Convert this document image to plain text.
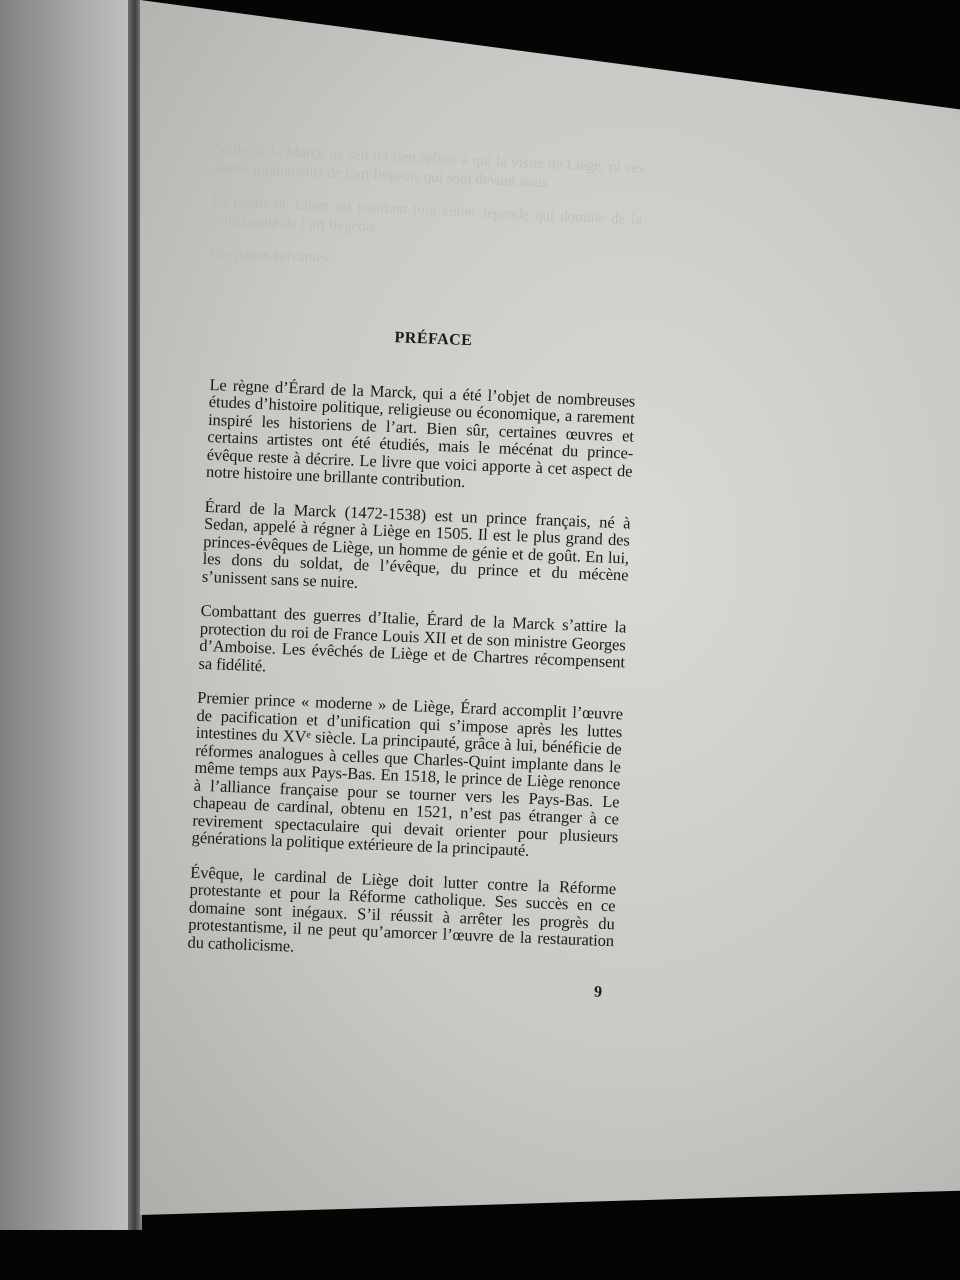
Seule de la Marck ne sait ici rien refuse à qui la visite de Liège, ni ces autres monuments de l’art liégeois qui sont devant nous.

Le palais de Liège est pourtant tout entier légende qui domine de la principauté de l’art liégeois.

Les pages suivantes

PRÉFACE

Le règne d’Érard de la Marck, qui a été l’objet de nombreuses études d’histoire politique, religieuse ou économique, a rarement inspiré les historiens de l’art. Bien sûr, certaines œuvres et certains artistes ont été étudiés, mais le mécénat du prince-évêque reste à décrire. Le livre que voici apporte à cet aspect de notre histoire une brillante contribution.

Érard de la Marck (1472-1538) est un prince français, né à Sedan, appelé à régner à Liège en 1505. Il est le plus grand des princes-évêques de Liège, un homme de génie et de goût. En lui, les dons du soldat, de l’évêque, du prince et du mécène s’unissent sans se nuire.

Combattant des guerres d’Italie, Érard de la Marck s’attire la protection du roi de France Louis XII et de son ministre Georges d’Amboise. Les évêchés de Liège et de Chartres récompensent sa fidélité.

Premier prince « moderne » de Liège, Érard accomplit l’œuvre de pacification et d’unification qui s’impose après les luttes intestines du XVᵉ siècle. La principauté, grâce à lui, bénéficie de réformes analogues à celles que Charles-Quint implante dans le même temps aux Pays-Bas. En 1518, le prince de Liège renonce à l’alliance française pour se tourner vers les Pays-Bas. Le chapeau de cardinal, obtenu en 1521, n’est pas étranger à ce revirement spectaculaire qui devait orienter pour plusieurs générations la politique extérieure de la principauté.

Évêque, le cardinal de Liège doit lutter contre la Réforme protestante et pour la Réforme catholique. Ses succès en ce domaine sont inégaux. S’il réussit à arrêter les progrès du protestantisme, il ne peut qu’amorcer l’œuvre de la restauration du catholicisme.

9
